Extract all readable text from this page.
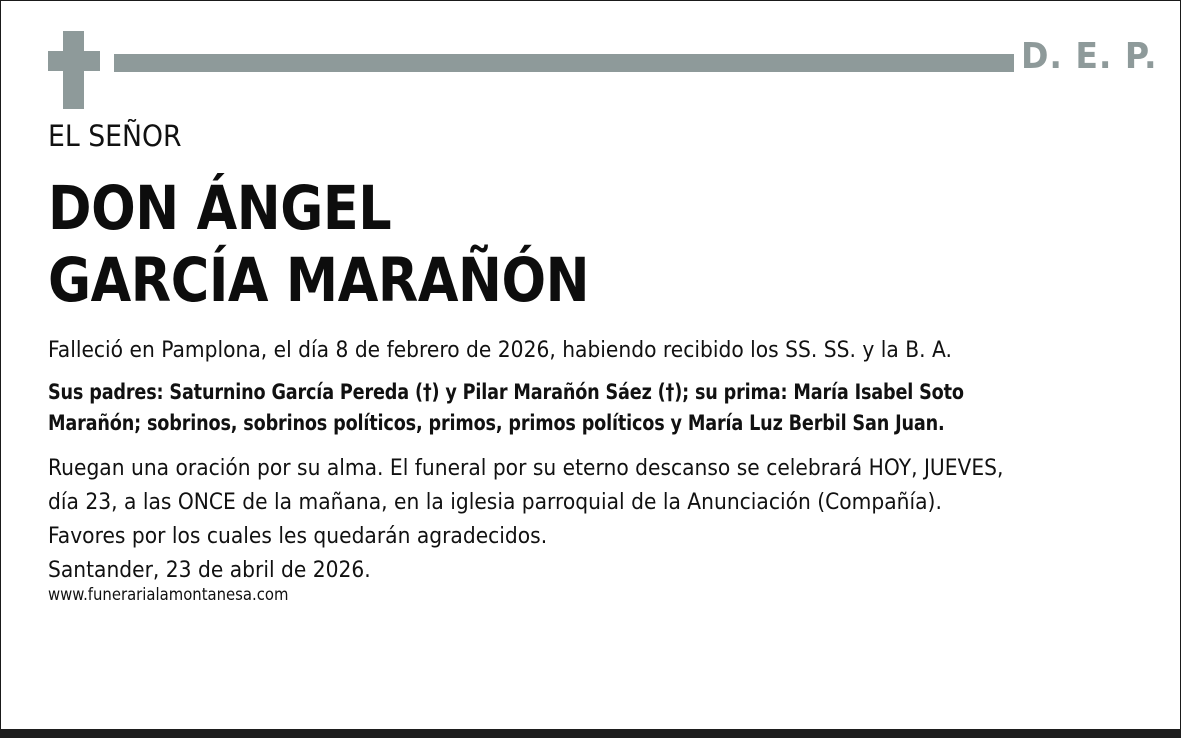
D. E. P.
EL SEÑOR
DON ÁNGEL
GARCÍA MARAÑÓN
Falleció en Pamplona, el día 8 de febrero de 2026, habiendo recibido los SS. SS. y la B. A.
Sus padres: Saturnino García Pereda (†) y Pilar Marañón Sáez (†); su prima: María Isabel Soto
Marañón; sobrinos, sobrinos políticos, primos, primos políticos y María Luz Berbil San Juan.
Ruegan una oración por su alma. El funeral por su eterno descanso se celebrará HOY, JUEVES,
día 23, a las ONCE de la mañana, en la iglesia parroquial de la Anunciación (Compañía).
Favores por los cuales les quedarán agradecidos.
Santander, 23 de abril de 2026.
www.funerarialamontanesa.com
